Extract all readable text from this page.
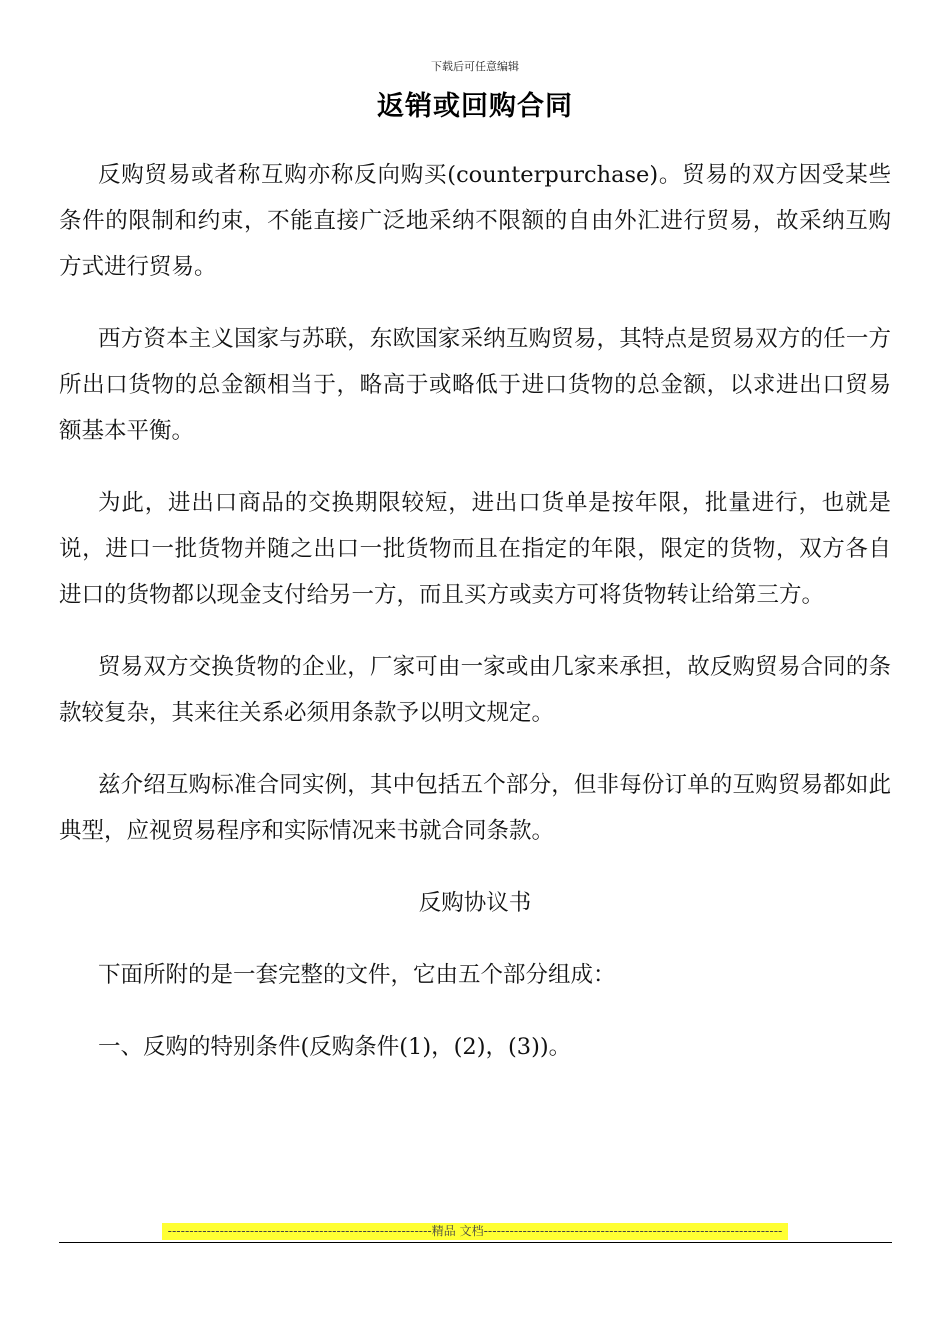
下载后可任意编辑
返销或回购合同

反购贸易或者称互购亦称反向购买(counterpurchase)。贸易的双方因受某些条件的限制和约束，不能直接广泛地采纳不限额的自由外汇进行贸易，故采纳互购方式进行贸易。

西方资本主义国家与苏联，东欧国家采纳互购贸易，其特点是贸易双方的任一方所出口货物的总金额相当于，略高于或略低于进口货物的总金额，以求进出口贸易额基本平衡。

为此，进出口商品的交换期限较短，进出口货单是按年限，批量进行，也就是说，进口一批货物并随之出口一批货物而且在指定的年限，限定的货物，双方各自进口的货物都以现金支付给另一方，而且买方或卖方可将货物转让给第三方。

贸易双方交换货物的企业，厂家可由一家或由几家来承担，故反购贸易合同的条款较复杂，其来往关系必须用条款予以明文规定。

兹介绍互购标准合同实例，其中包括五个部分，但非每份订单的互购贸易都如此典型，应视贸易程序和实际情况来书就合同条款。

反购协议书

下面所附的是一套完整的文件，它由五个部分组成：

一、反购的特别条件(反购条件(1)，(2)，(3))。

-------------------------------------------------------------精品 文档---------------------------------------------------------------------
